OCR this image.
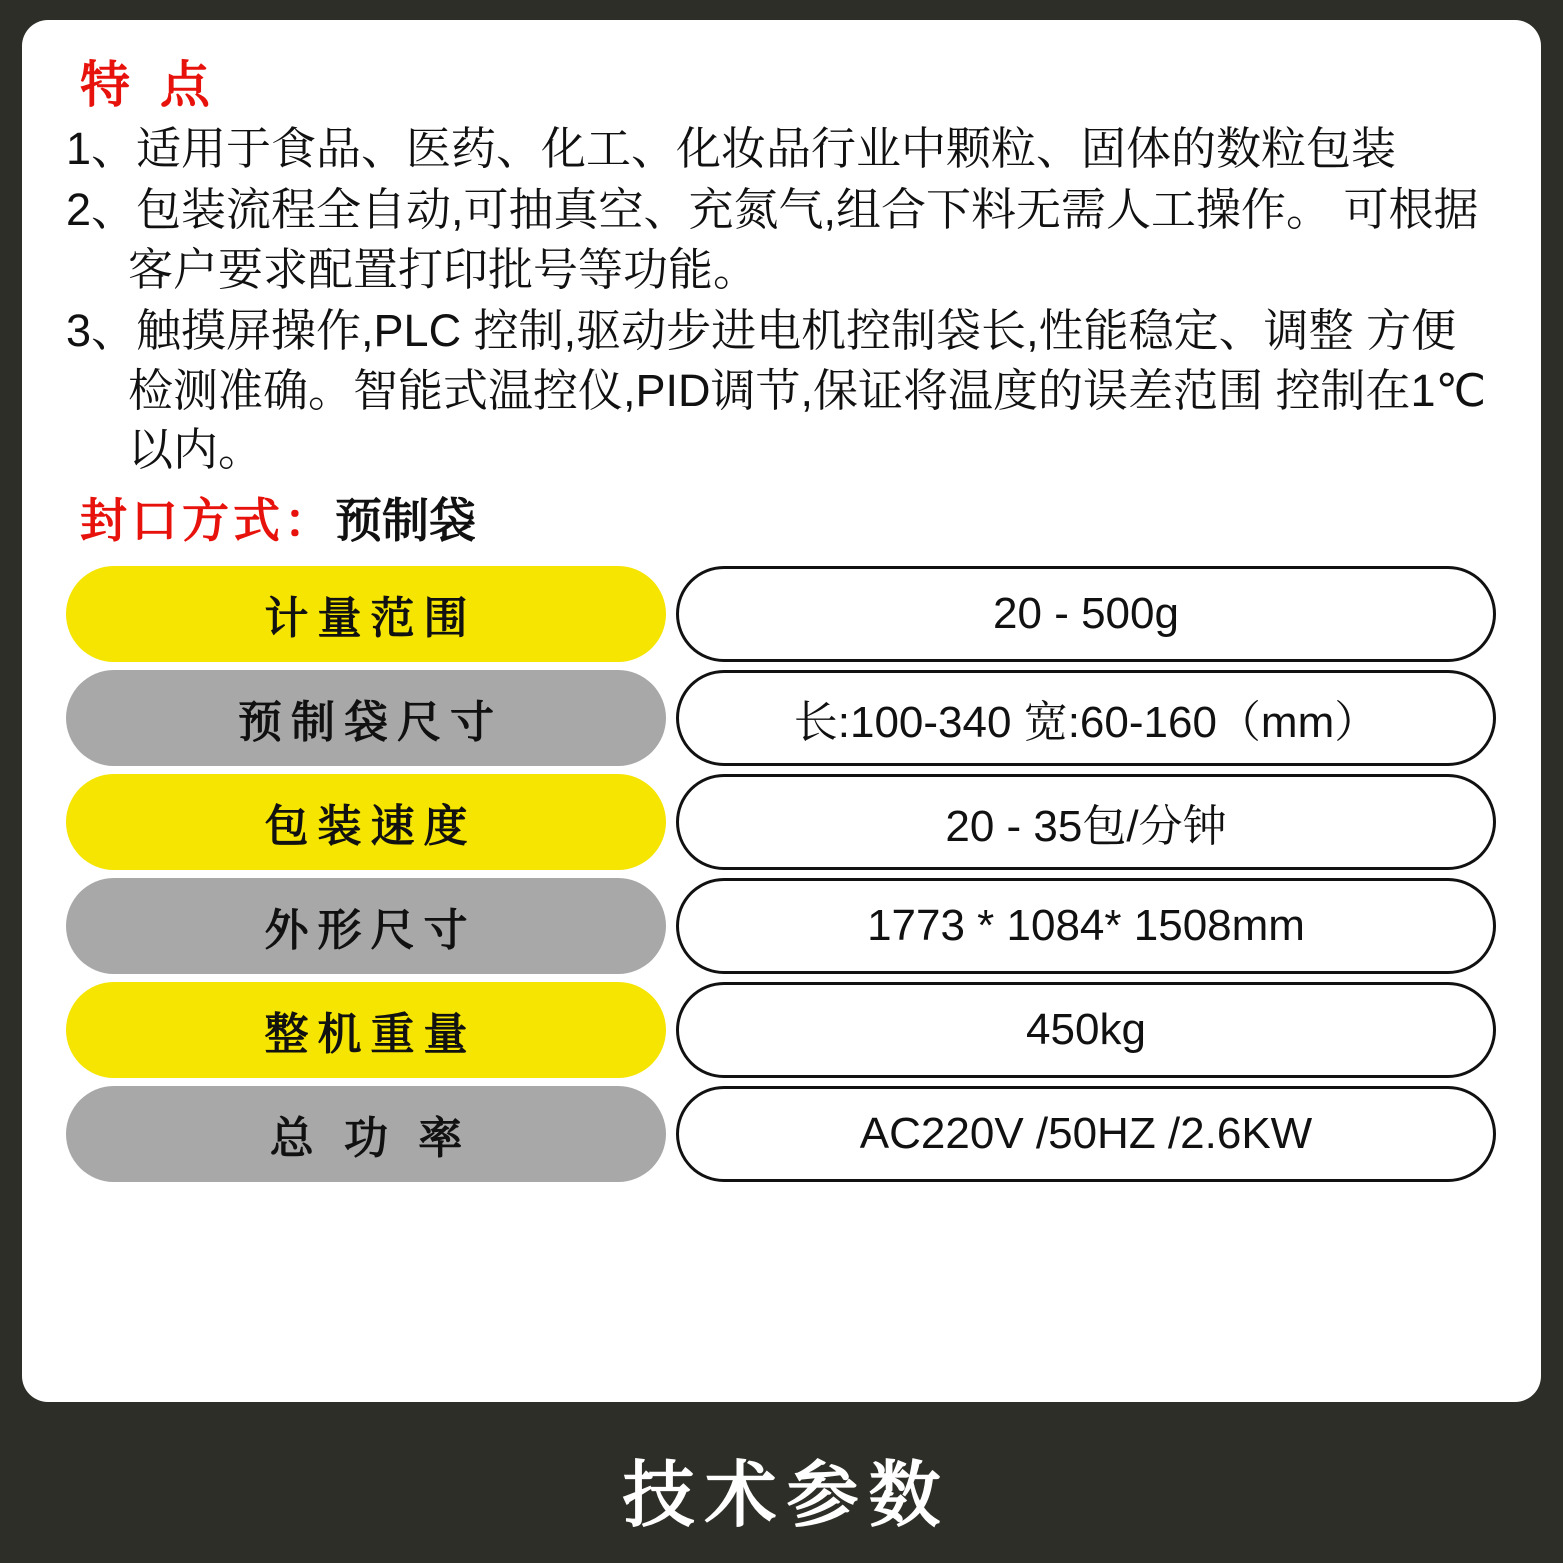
特 点
1、适用于食品、医药、化工、化妆品行业中颗粒、固体的数粒包装
2、包装流程全自动,可抽真空、充氮气,组合下料无需人工操作。 可根据客户要求配置打印批号等功能。
3、触摸屏操作,PLC 控制,驱动步进电机控制袋长,性能稳定、调整 方便检测准确。智能式温控仪,PID调节,保证将温度的误差范围 控制在1℃以内。
封口方式：预制袋
计量范围	20 - 500g
预制袋尺寸	长:100-340 宽:60-160（mm）
包装速度	20 - 35包/分钟
外形尺寸	1773 * 1084* 1508mm
整机重量	450kg
总 功 率	AC220V /50HZ /2.6KW
技术参数
